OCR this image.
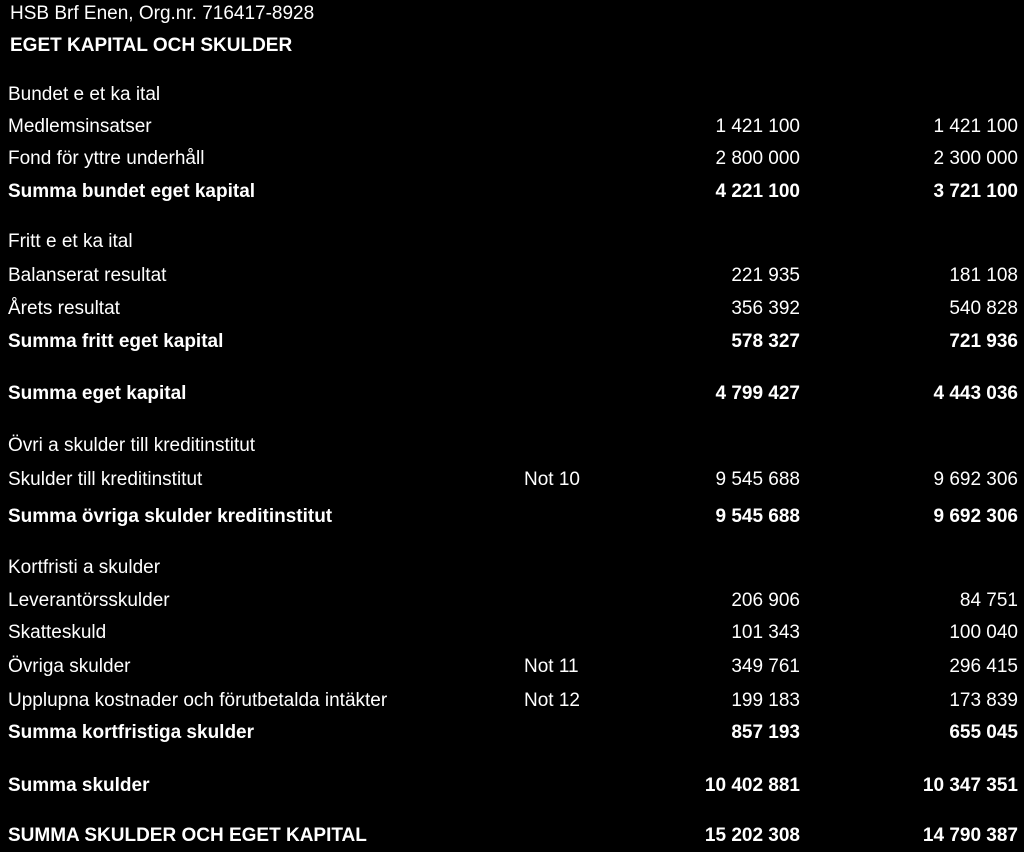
HSB Brf Enen, Org.nr. 716417-8928
EGET KAPITAL OCH SKULDER
Bundet e et ka ital
Medlemsinsatser	1 421 100	1 421 100
Fond för yttre underhåll	2 800 000	2 300 000
Summa bundet eget kapital	4 221 100	3 721 100
Fritt e et ka ital
Balanserat resultat	221 935	181 108
Årets resultat	356 392	540 828
Summa fritt eget kapital	578 327	721 936
Summa eget kapital	4 799 427	4 443 036
Övri a skulder till kreditinstitut
Skulder till kreditinstitut	Not 10	9 545 688	9 692 306
Summa övriga skulder kreditinstitut	9 545 688	9 692 306
Kortfristi a skulder
Leverantörsskulder	206 906	84 751
Skatteskuld	101 343	100 040
Övriga skulder	Not 11	349 761	296 415
Upplupna kostnader och förutbetalda intäkter	Not 12	199 183	173 839
Summa kortfristiga skulder	857 193	655 045
Summa skulder	10 402 881	10 347 351
SUMMA SKULDER OCH EGET KAPITAL	15 202 308	14 790 387
